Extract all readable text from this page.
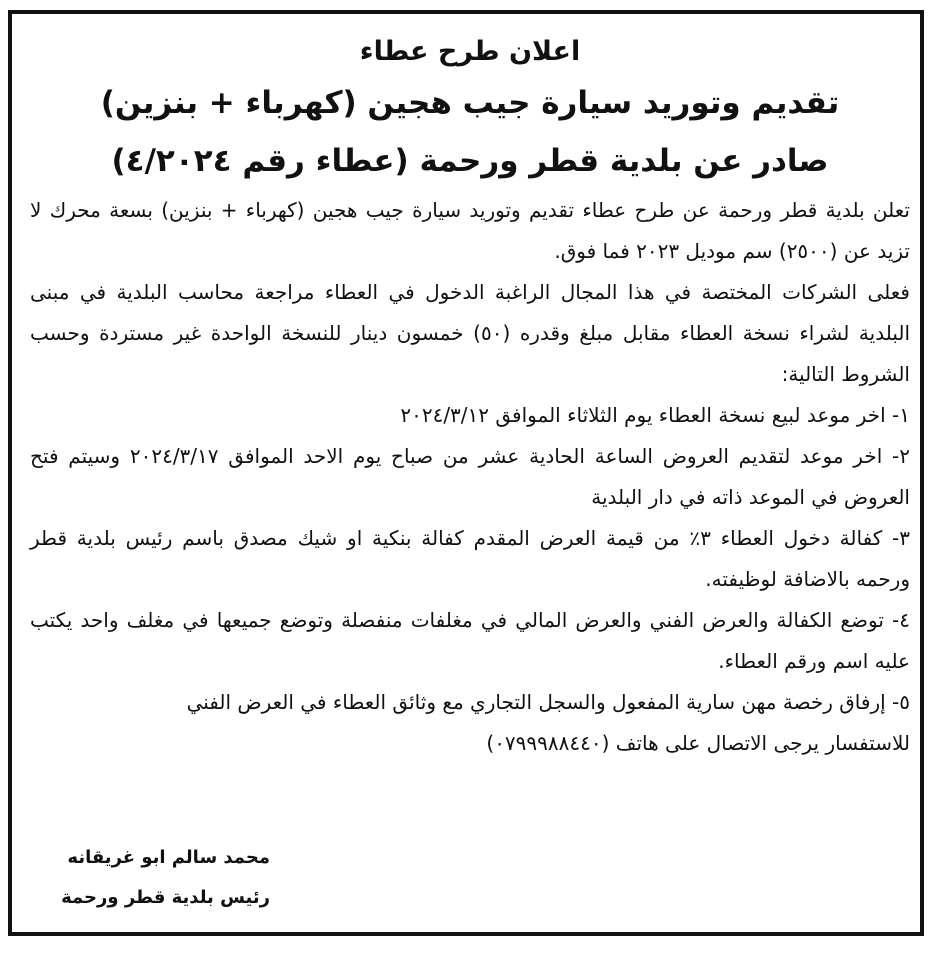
اعلان طرح عطاء
تقديم وتوريد سيارة جيب هجين (كهرباء + بنزين)
صادر عن بلدية قطر ورحمة (عطاء رقم ٤/٢٠٢٤)

تعلن بلدية قطر ورحمة عن طرح عطاء تقديم وتوريد سيارة جيب هجين (كهرباء + بنزين) بسعة محرك لا تزيد عن (٢٥٠٠) سم موديل ٢٠٢٣ فما فوق.

فعلى الشركات المختصة في هذا المجال الراغبة الدخول في العطاء مراجعة محاسب البلدية في مبنى البلدية لشراء نسخة العطاء مقابل مبلغ وقدره (٥٠) خمسون دينار للنسخة الواحدة غير مستردة وحسب الشروط التالية:

١- اخر موعد لبيع نسخة العطاء يوم الثلاثاء الموافق ٢٠٢٤/٣/١٢

٢- اخر موعد لتقديم العروض الساعة الحادية عشر من صباح يوم الاحد الموافق ٢٠٢٤/٣/١٧ وسيتم فتح العروض في الموعد ذاته في دار البلدية

٣- كفالة دخول العطاء ٣٪ من قيمة العرض المقدم كفالة بنكية او شيك مصدق باسم رئيس بلدية قطر ورحمه بالاضافة لوظيفته.

٤- توضع الكفالة والعرض الفني والعرض المالي في مغلفات منفصلة وتوضع جميعها في مغلف واحد يكتب عليه اسم ورقم العطاء.

٥- إرفاق رخصة مهن سارية المفعول والسجل التجاري مع وثائق العطاء في العرض الفني

للاستفسار يرجى الاتصال على هاتف (٠٧٩٩٩٨٨٤٤٠)

محمد سالم ابو غريقانه
رئيس بلدية قطر ورحمة
